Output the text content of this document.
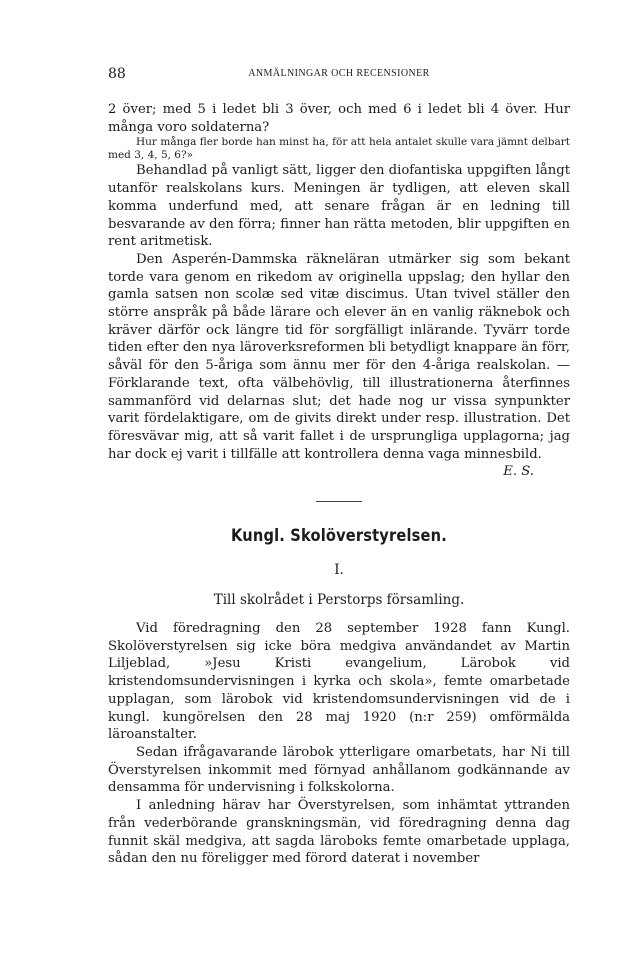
88	ANMÄLNINGAR OCH RECENSIONER

2 över; med 5 i ledet bli 3 över, och med 6 i ledet bli 4 över. Hur många voro soldaterna?

Hur många fler borde han minst ha, för att hela antalet skulle vara jämnt delbart med 3, 4, 5, 6?»

Behandlad på vanligt sätt, ligger den diofantiska uppgiften långt utanför realskolans kurs. Meningen är tydligen, att eleven skall komma underfund med, att senare frågan är en ledning till besvarande av den förra; finner han rätta metoden, blir uppgiften en rent aritmetisk.

Den Asperén-Dammska räkneläran utmärker sig som bekant torde vara genom en rikedom av originella uppslag; den hyllar den gamla satsen non scolæ sed vitæ discimus. Utan tvivel ställer den större anspråk på både lärare och elever än en vanlig räknebok och kräver därför ock längre tid för sorgfälligt inlärande. Tyvärr torde tiden efter den nya läroverksreformen bli betydligt knappare än förr, såväl för den 5-åriga som ännu mer för den 4-åriga realskolan. — Förklarande text, ofta välbehövlig, till illustrationerna återfinnes sammanförd vid delarnas slut; det hade nog ur vissa synpunkter varit fördelaktigare, om de givits direkt under resp. illustration. Det föresvävar mig, att så varit fallet i de ursprungliga upplagorna; jag har dock ej varit i tillfälle att kontrollera denna vaga minnesbild.
E. S.

Kungl. Skolöverstyrelsen.
I.
Till skolrådet i Perstorps församling.

Vid föredragning den 28 september 1928 fann Kungl. Skolöverstyrelsen sig icke böra medgiva användandet av Martin Liljeblad, »Jesu Kristi evangelium, Lärobok vid kristendomsundervisningen i kyrka och skola», femte omarbetade upplagan, som lärobok vid kristendomsundervisningen vid de i kungl. kungörelsen den 28 maj 1920 (n:r 259) omförmälda läroanstalter.

Sedan ifrågavarande lärobok ytterligare omarbetats, har Ni till Överstyrelsen inkommit med förnyad anhållanom godkännande av densamma för undervisning i folkskolorna.

I anledning härav har Överstyrelsen, som inhämtat yttranden från vederbörande granskningsmän, vid föredragning denna dag funnit skäl medgiva, att sagda läroboks femte omarbetade upplaga, sådan den nu föreligger med förord daterat i november
